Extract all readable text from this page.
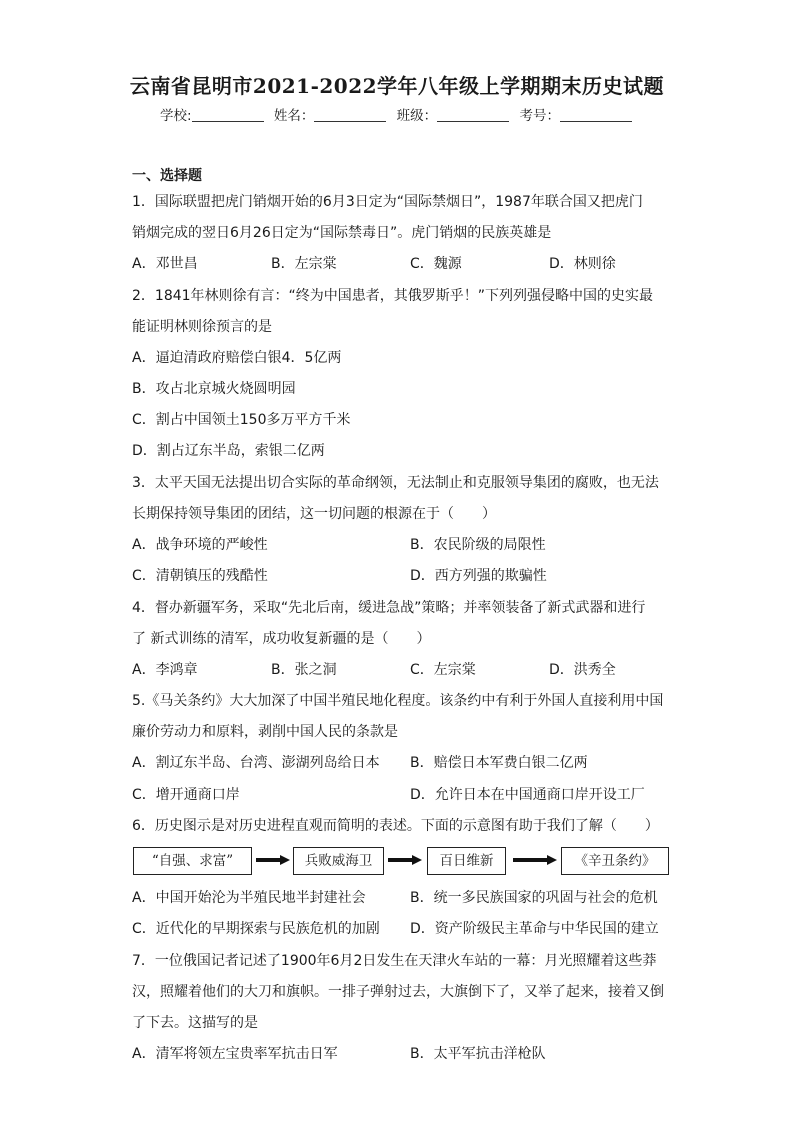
云南省昆明市2021-2022学年八年级上学期期末历史试题
学校:	姓名：	班级：	考号：
一、选择题
1．国际联盟把虎门销烟开始的6月3日定为“国际禁烟日”，1987年联合国又把虎门
销烟完成的翌日6月26日定为“国际禁毒日”。虎门销烟的民族英雄是
A．邓世昌	B．左宗棠	C．魏源	D．林则徐
2．1841年林则徐有言：“终为中国患者，其俄罗斯乎！”下列列强侵略中国的史实最
能证明林则徐预言的是
A．逼迫清政府赔偿白银4．5亿两
B．攻占北京城火烧圆明园
C．割占中国领土150多万平方千米
D．割占辽东半岛，索银二亿两
3．太平天国无法提出切合实际的革命纲领，无法制止和克服领导集团的腐败，也无法
长期保持领导集团的团结，这一切问题的根源在于（　　）
A．战争环境的严峻性	B．农民阶级的局限性
C．清朝镇压的残酷性	D．西方列强的欺骗性
4．督办新疆军务，采取“先北后南，缓进急战”策略；并率领装备了新式武器和进行
了 新式训练的清军，成功收复新疆的是（　　）
A．李鸿章	B．张之洞	C．左宗棠	D．洪秀全
5.《马关条约》大大加深了中国半殖民地化程度。该条约中有利于外国人直接利用中国
廉价劳动力和原料，剥削中国人民的条款是
A．割辽东半岛、台湾、澎湖列岛给日本 B．赔偿日本军费白银二亿两
C．增开通商口岸	D．允许日本在中国通商口岸开设工厂
6．历史图示是对历史进程直观而简明的表述。下面的示意图有助于我们了解（　　）
“自强、求富”	兵败威海卫	百日维新	《辛丑条约》
A．中国开始沦为半殖民地半封建社会	B．统一多民族国家的巩固与社会的危机
C．近代化的早期探索与民族危机的加剧 D．资产阶级民主革命与中华民国的建立
7．一位俄国记者记述了1900年6月2日发生在天津火车站的一幕：月光照耀着这些莽
汉，照耀着他们的大刀和旗帜。一排子弹射过去，大旗倒下了，又举了起来，接着又倒
了下去。这描写的是
A．清军将领左宝贵率军抗击日军	B．太平军抗击洋枪队
